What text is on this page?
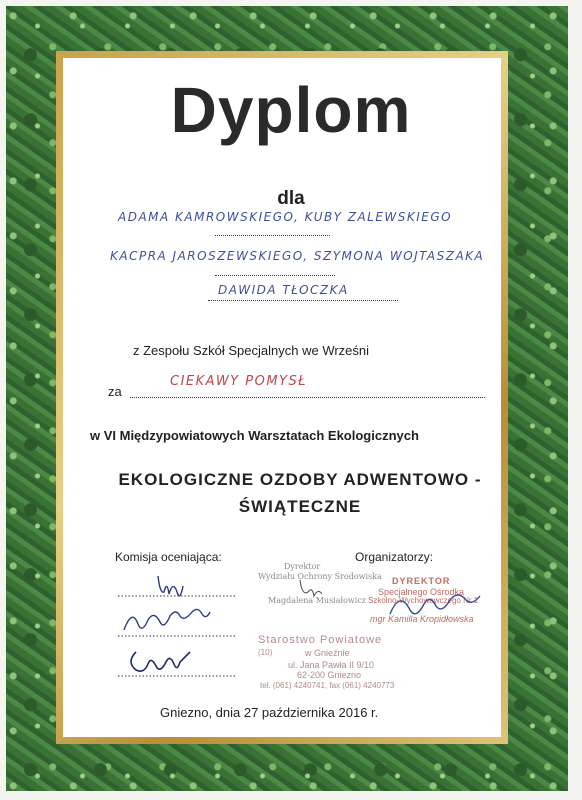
Dyplom
dla
ADAMA KAMROWSKIEGO, KUBY ZALEWSKIEGO
KACPRA JAROSZEWSKIEGO, SZYMONA WOJTASZAKA
DAWIDA TŁOCZKA
z Zespołu Szkół Specjalnych we Wrześni
za
CIEKAWY POMYSŁ
w VI Międzypowiatowych Warsztatach Ekologicznych
EKOLOGICZNE OZDOBY ADWENTOWO -
ŚWIĄTECZNE
Komisja oceniająca:	Organizatorzy:
Dyrektor
Wydziału Ochrony Środowiska
Magdalena Musiałowicz
DYREKTOR
Specjalnego Ośrodka
Szkolno-Wychowawczego Nr 1
mgr Kamilla Kropidłowska
Starostwo Powiatowe
(10)	w Gnieźnie
ul. Jana Pawła II 9/10
62-200 Gniezno
tel. (061) 4240741, fax (061) 4240773
Gniezno, dnia 27 października 2016 r.
